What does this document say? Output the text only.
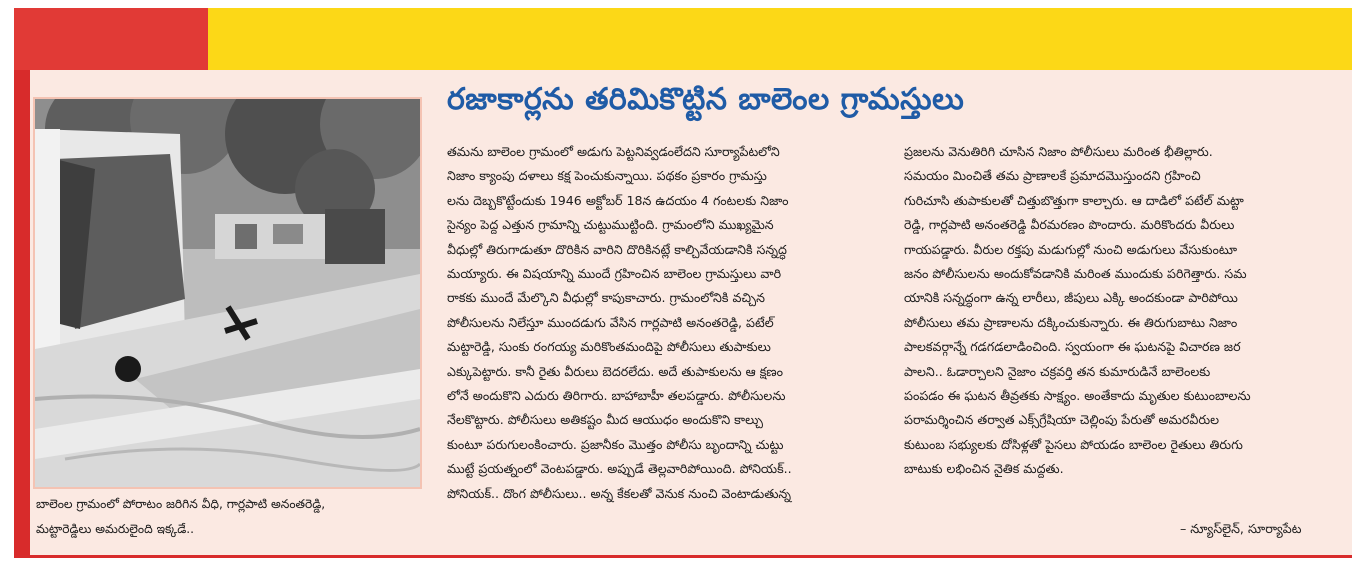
బాలెంల గ్రామంలో పోరాటం జరిగిన వీధి, గార్లపాటి అనంతరెడ్డి,
మట్టారెడ్డిలు అమరులైంది ఇక్కడే..
రజాకార్లను తరిమికొట్టిన బాలెంల గ్రామస్తులు
తమను బాలెంల గ్రామంలో అడుగు పెట్టనివ్వడంలేదని సూర్యాపేటలోని
నిజాం క్యాంపు దళాలు కక్ష పెంచుకున్నాయి. పథకం ప్రకారం గ్రామస్తు
లను దెబ్బకొట్టేందుకు 1946 అక్టోబర్ 18న ఉదయం 4 గంటలకు నిజాం
సైన్యం పెద్ద ఎత్తున గ్రామాన్ని చుట్టుముట్టింది. గ్రామంలోని ముఖ్యమైన
వీధుల్లో తిరుగాడుతూ దొరికిన వారిని దొరికినట్లే కాల్చివేయడానికి సన్నద్ధ
మయ్యారు. ఈ విషయాన్ని ముందే గ్రహించిన బాలెంల గ్రామస్తులు వారి
రాకకు ముందే మేల్కొని వీధుల్లో కాపుకాచారు. గ్రామంలోనికి వచ్చిన
పోలీసులను నిలేస్తూ ముందడుగు వేసిన గార్లపాటి అనంతరెడ్డి, పటేల్
మట్టారెడ్డి, సుంకు రంగయ్య మరికొంతమందిపై పోలీసులు తుపాకులు
ఎక్కుపెట్టారు. కానీ రైతు వీరులు బెదరలేదు. అదే తుపాకులను ఆ క్షణం
లోనే అందుకొని ఎదురు తిరిగారు. బాహాబాహీ తలపడ్డారు. పోలీసులను
నేలకొట్టారు. పోలీసులు అతికష్టం మీద ఆయుధం అందుకొని కాల్చు
కుంటూ పరుగులంకించారు. ప్రజానీకం మొత్తం పోలీసు బృందాన్ని చుట్టు
ముట్టే ప్రయత్నంలో వెంటపడ్డారు. అప్పుడే తెల్లవారిపోయింది. పోనియక్..
పోనియక్.. దొంగ పోలీసులు.. అన్న కేకలతో వెనుక నుంచి వెంటాడుతున్న
ప్రజలను వెనుతిరిగి చూసిన నిజాం పోలీసులు మరింత భీతిల్లారు.
సమయం మించితే తమ ప్రాణాలకే ప్రమాదమొస్తుందని గ్రహించి
గురిచూసి తుపాకులతో చిత్తుబొత్తుగా కాల్చారు. ఆ దాడిలో పటేల్ మట్టా
రెడ్డి, గార్లపాటి అనంతరెడ్డి వీరమరణం పొందారు. మరికొందరు వీరులు
గాయపడ్డారు. వీరుల రక్తపు మడుగుల్లో నుంచి అడుగులు వేసుకుంటూ
జనం పోలీసులను అందుకోవడానికి మరింత ముందుకు పరిగెత్తారు. సమ
యానికి సన్నద్ధంగా ఉన్న లారీలు, జీపులు ఎక్కి అందకుండా పారిపోయి
పోలీసులు తమ ప్రాణాలను దక్కించుకున్నారు. ఈ తిరుగుబాటు నిజాం
పాలకవర్గాన్నే గడగడలాడించింది. స్వయంగా ఈ ఘటనపై విచారణ జర
పాలని.. ఓడార్చాలని నైజాం చక్రవర్తి తన కుమారుడినే బాలెంలకు
పంపడం ఈ ఘటన తీవ్రతకు సాక్ష్యం. అంతేకాదు మృతుల కుటుంబాలను
పరామర్శించిన తర్వాత ఎక్స్‌గ్రేషియా చెల్లింపు పేరుతో అమరవీరుల
కుటుంబ సభ్యులకు దోసిళ్లతో పైసలు పోయడం బాలెంల రైతులు తిరుగు
బాటుకు లభించిన నైతిక మద్దతు.
– న్యూస్‌లైన్, సూర్యాపేట
